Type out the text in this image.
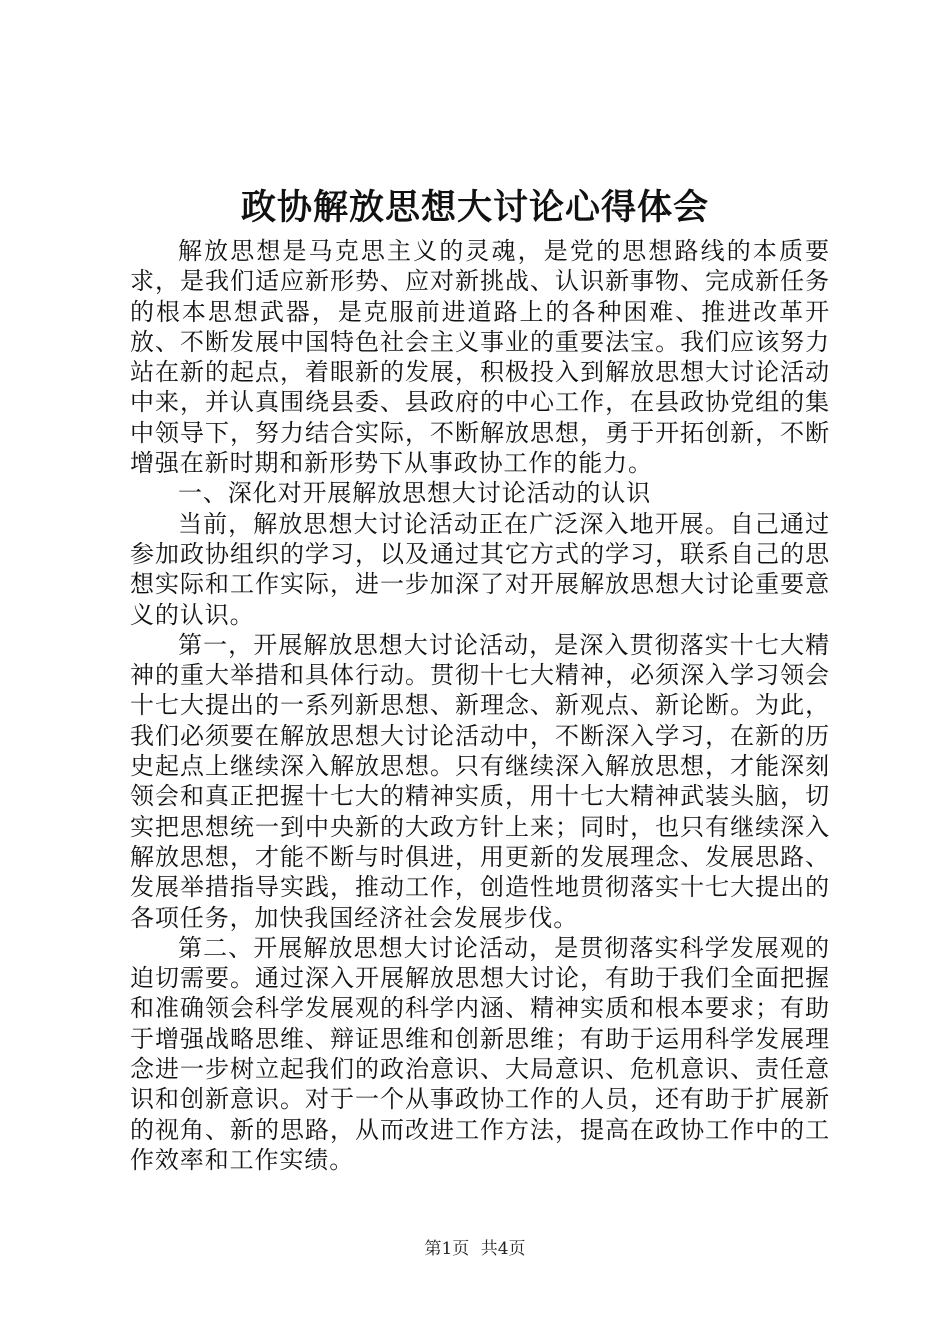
政协解放思想大讨论心得体会

解放思想是马克思主义的灵魂，是党的思想路线的本质要求，是我们适应新形势、应对新挑战、认识新事物、完成新任务的根本思想武器，是克服前进道路上的各种困难、推进改革开放、不断发展中国特色社会主义事业的重要法宝。我们应该努力站在新的起点，着眼新的发展，积极投入到解放思想大讨论活动中来，并认真围绕县委、县政府的中心工作，在县政协党组的集中领导下，努力结合实际，不断解放思想，勇于开拓创新，不断增强在新时期和新形势下从事政协工作的能力。

一、深化对开展解放思想大讨论活动的认识

当前，解放思想大讨论活动正在广泛深入地开展。自己通过参加政协组织的学习，以及通过其它方式的学习，联系自己的思想实际和工作实际，进一步加深了对开展解放思想大讨论重要意义的认识。

第一，开展解放思想大讨论活动，是深入贯彻落实十七大精神的重大举措和具体行动。贯彻十七大精神，必须深入学习领会十七大提出的一系列新思想、新理念、新观点、新论断。为此，我们必须要在解放思想大讨论活动中，不断深入学习，在新的历史起点上继续深入解放思想。只有继续深入解放思想，才能深刻领会和真正把握十七大的精神实质，用十七大精神武装头脑，切实把思想统一到中央新的大政方针上来；同时，也只有继续深入解放思想，才能不断与时俱进，用更新的发展理念、发展思路、发展举措指导实践，推动工作，创造性地贯彻落实十七大提出的各项任务，加快我国经济社会发展步伐。

第二、开展解放思想大讨论活动，是贯彻落实科学发展观的迫切需要。通过深入开展解放思想大讨论，有助于我们全面把握和准确领会科学发展观的科学内涵、精神实质和根本要求；有助于增强战略思维、辩证思维和创新思维；有助于运用科学发展理念进一步树立起我们的政治意识、大局意识、危机意识、责任意识和创新意识。对于一个从事政协工作的人员，还有助于扩展新的视角、新的思路，从而改进工作方法，提高在政协工作中的工作效率和工作实绩。

第1页 共4页
